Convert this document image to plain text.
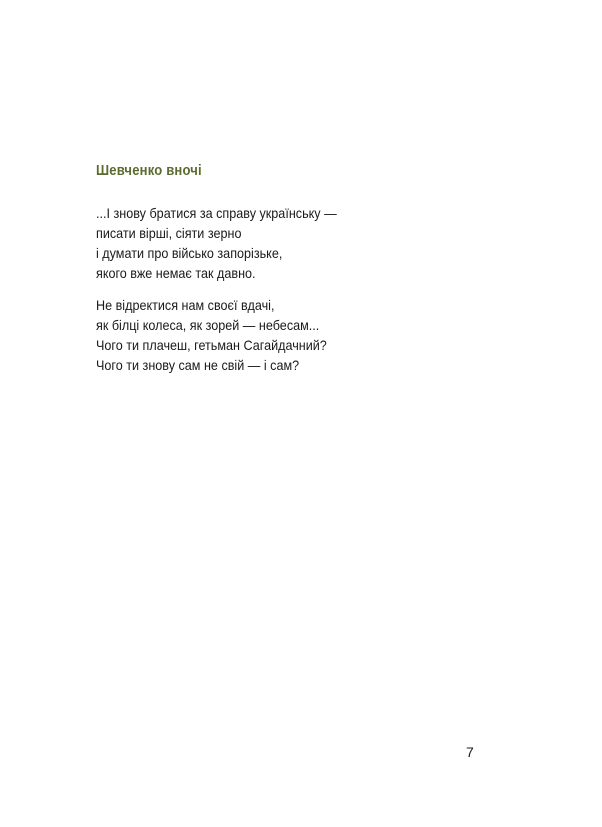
Шевченко вночі
...І знову братися за справу українську —
писати вірші, сіяти зерно
і думати про військо запорізьке,
якого вже немає так давно.
Не відректися нам своєї вдачі,
як білці колеса, як зорей — небесам...
Чого ти плачеш, гетьман Сагайдачний?
Чого ти знову сам не свій — і сам?
7
